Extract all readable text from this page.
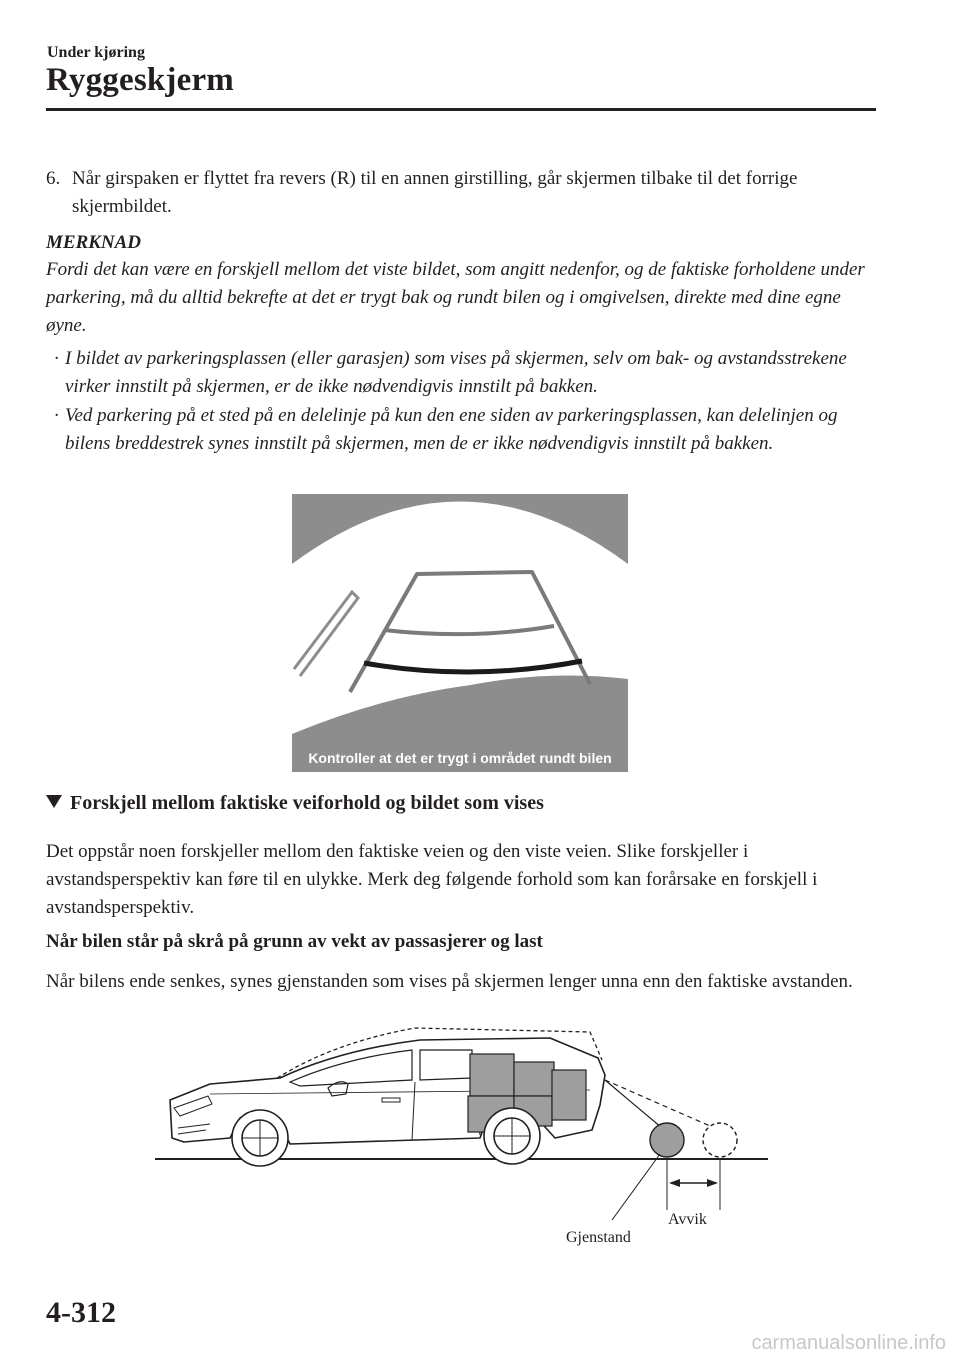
Under kjøring
Ryggeskjerm
6. Når girspaken er flyttet fra revers (R) til en annen girstilling, går skjermen tilbake til det forrige skjermbildet.
MERKNAD
Fordi det kan være en forskjell mellom det viste bildet, som angitt nedenfor, og de faktiske forholdene under parkering, må du alltid bekrefte at det er trygt bak og rundt bilen og i omgivelsen, direkte med dine egne øyne.
· I bildet av parkeringsplassen (eller garasjen) som vises på skjermen, selv om bak- og avstandsstrekene virker innstilt på skjermen, er de ikke nødvendigvis innstilt på bakken.
· Ved parkering på et sted på en delelinje på kun den ene siden av parkeringsplassen, kan delelinjen og bilens breddestrek synes innstilt på skjermen, men de er ikke nødvendigvis innstilt på bakken.
Kontroller at det er trygt i området rundt bilen
Forskjell mellom faktiske veiforhold og bildet som vises
Det oppstår noen forskjeller mellom den faktiske veien og den viste veien. Slike forskjeller i avstandsperspektiv kan føre til en ulykke. Merk deg følgende forhold som kan forårsake en forskjell i avstandsperspektiv.
Når bilen står på skrå på grunn av vekt av passasjerer og last
Når bilens ende senkes, synes gjenstanden som vises på skjermen lenger unna enn den faktiske avstanden.
Avvik
Gjenstand
4-312
carmanualsonline.info
